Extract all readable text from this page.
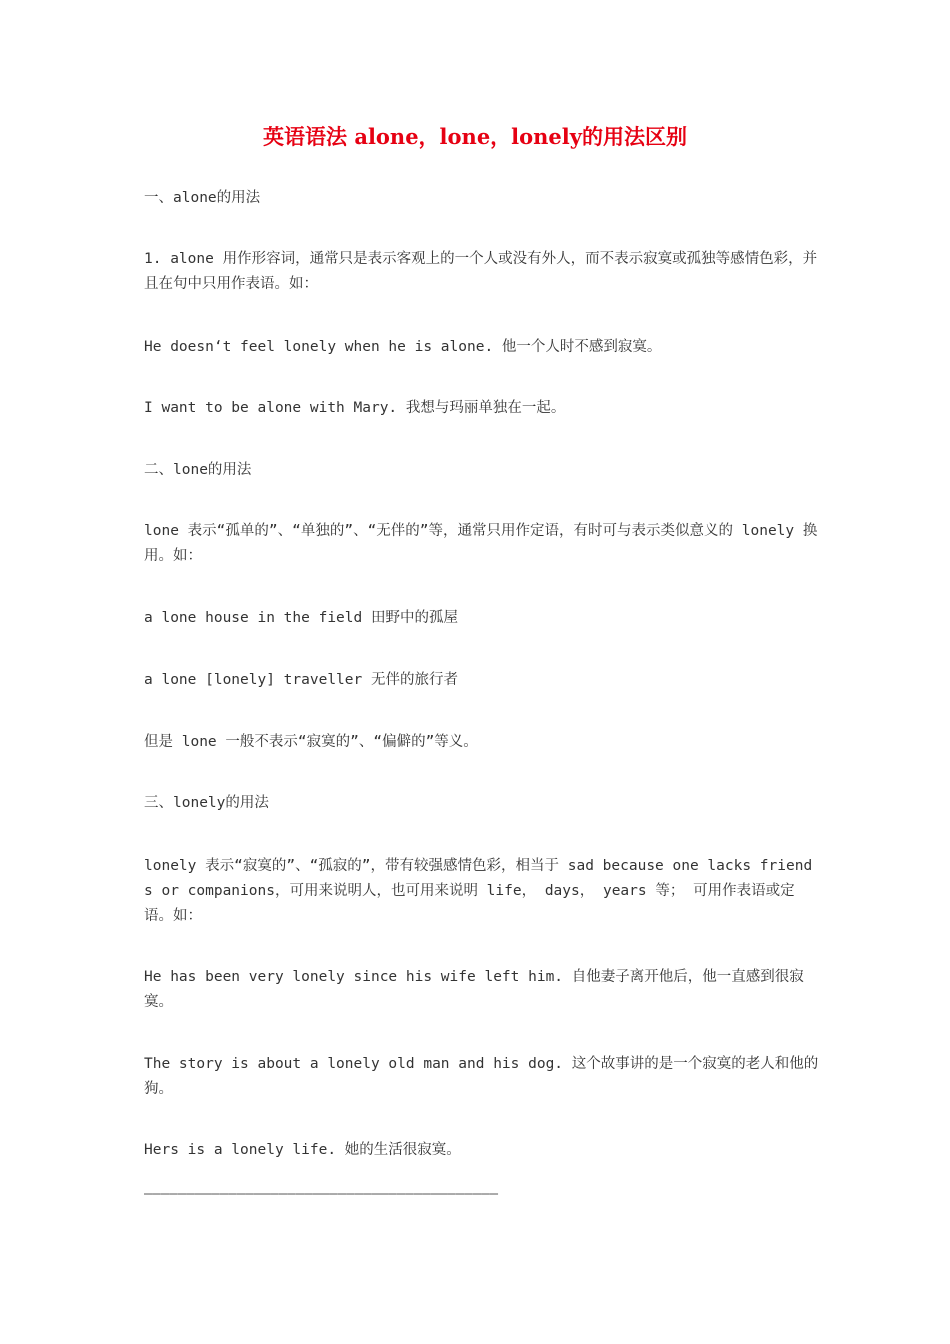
英语语法 alone，lone，lonely的用法区别

一、alone的用法

1. alone 用作形容词，通常只是表示客观上的一个人或没有外人，而不表示寂寞或孤独等感情色彩，并且在句中只用作表语。如：

He doesn‘t feel lonely when he is alone. 他一个人时不感到寂寞。

I want to be alone with Mary. 我想与玛丽单独在一起。

二、lone的用法

lone 表示“孤单的”、“单独的”、“无伴的”等，通常只用作定语，有时可与表示类似意义的 lonely 换用。如：

a lone house in the field 田野中的孤屋

a lone [lonely] traveller 无伴的旅行者

但是 lone 一般不表示“寂寞的”、“偏僻的”等义。

三、lonely的用法

lonely 表示“寂寞的”、“孤寂的”，带有较强感情色彩，相当于 sad because one lacks friends or companions，可用来说明人，也可用来说明 life， days， years 等； 可用作表语或定语。如：

He has been very lonely since his wife left him. 自他妻子离开他后，他一直感到很寂寞。

The story is about a lonely old man and his dog. 这个故事讲的是一个寂寞的老人和他的狗。

Hers is a lonely life. 她的生活很寂寞。

——————————————————————————————————————————
